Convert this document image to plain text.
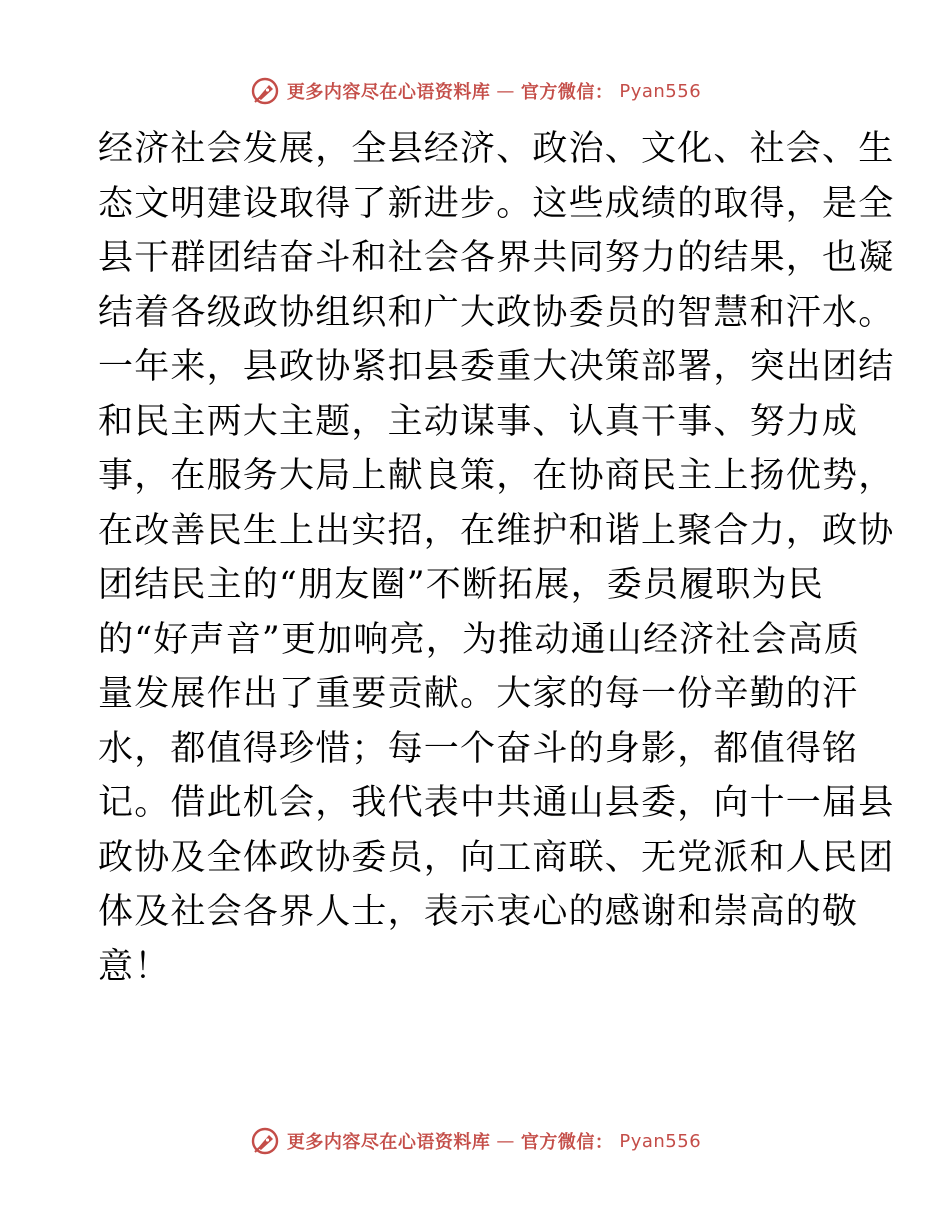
更多内容尽在心语资料库 — 官方微信： Pyan556
经济社会发展，全县经济、政治、文化、社会、生
态文明建设取得了新进步。这些成绩的取得，是全
县干群团结奋斗和社会各界共同努力的结果，也凝
结着各级政协组织和广大政协委员的智慧和汗水。
一年来，县政协紧扣县委重大决策部署，突出团结
和民主两大主题，主动谋事、认真干事、努力成
事，在服务大局上献良策，在协商民主上扬优势，
在改善民生上出实招，在维护和谐上聚合力，政协
团结民主的“朋友圈”不断拓展，委员履职为民
的“好声音”更加响亮，为推动通山经济社会高质
量发展作出了重要贡献。大家的每一份辛勤的汗
水，都值得珍惜；每一个奋斗的身影，都值得铭
记。借此机会，我代表中共通山县委，向十一届县
政协及全体政协委员，向工商联、无党派和人民团
体及社会各界人士，表示衷心的感谢和崇高的敬
意！
更多内容尽在心语资料库 — 官方微信： Pyan556
